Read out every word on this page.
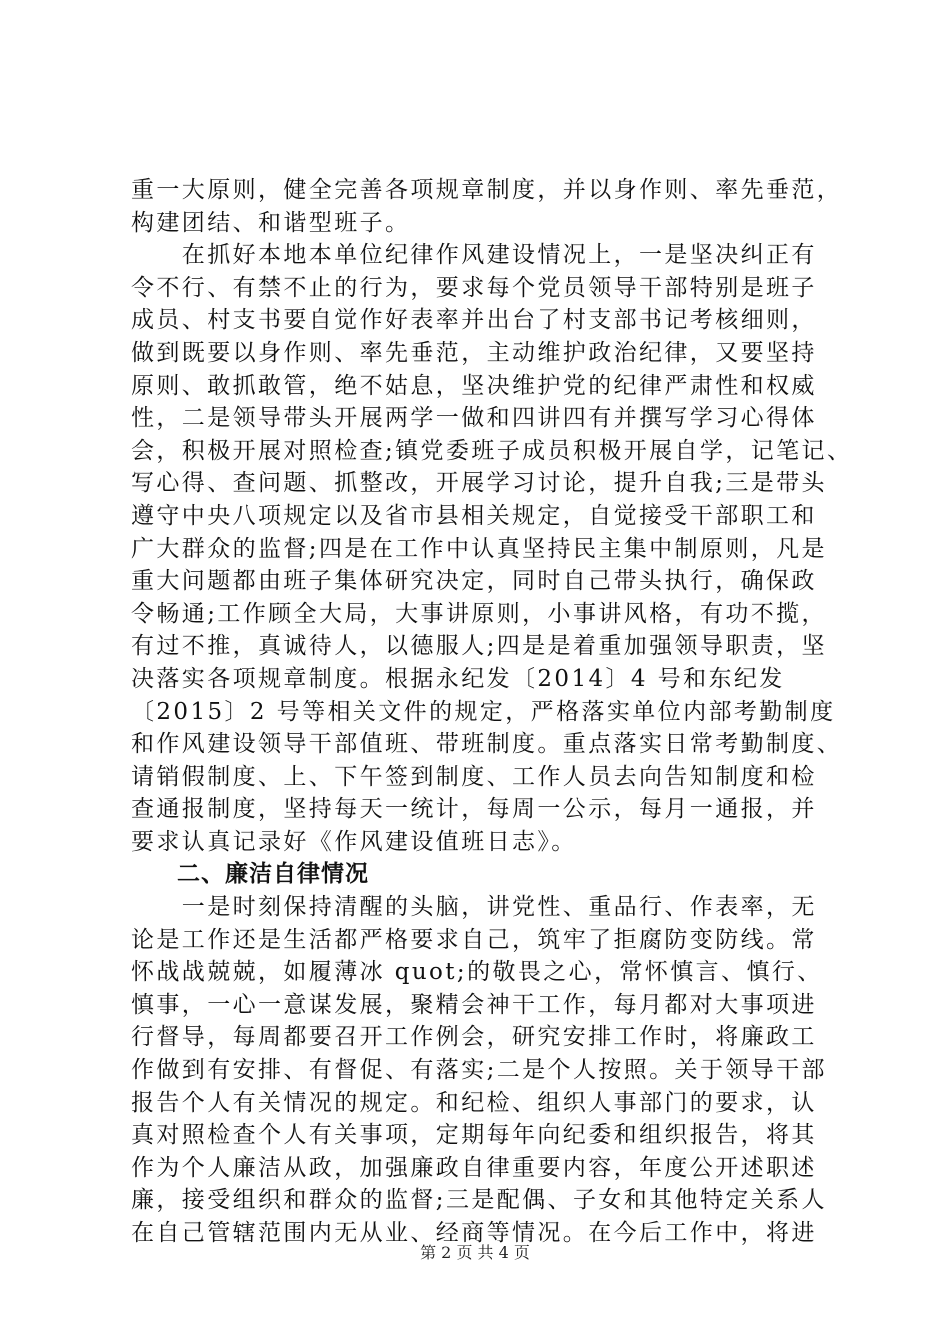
重一大原则，健全完善各项规章制度，并以身作则、率先垂范，
构建团结、和谐型班子。
　　在抓好本地本单位纪律作风建设情况上，一是坚决纠正有
令不行、有禁不止的行为，要求每个党员领导干部特别是班子
成员、村支书要自觉作好表率并出台了村支部书记考核细则，
做到既要以身作则、率先垂范，主动维护政治纪律，又要坚持
原则、敢抓敢管，绝不姑息，坚决维护党的纪律严肃性和权威
性，二是领导带头开展两学一做和四讲四有并撰写学习心得体
会，积极开展对照检查;镇党委班子成员积极开展自学，记笔记、
写心得、查问题、抓整改，开展学习讨论，提升自我;三是带头
遵守中央八项规定以及省市县相关规定，自觉接受干部职工和
广大群众的监督;四是在工作中认真坚持民主集中制原则，凡是
重大问题都由班子集体研究决定，同时自己带头执行，确保政
令畅通;工作顾全大局，大事讲原则，小事讲风格，有功不揽，
有过不推，真诚待人，以德服人;四是是着重加强领导职责，坚
决落实各项规章制度。根据永纪发〔2014〕4 号和东纪发
〔2015〕2 号等相关文件的规定，严格落实单位内部考勤制度
和作风建设领导干部值班、带班制度。重点落实日常考勤制度、
请销假制度、上、下午签到制度、工作人员去向告知制度和检
查通报制度，坚持每天一统计，每周一公示，每月一通报，并
要求认真记录好《作风建设值班日志》。
二、廉洁自律情况
　　一是时刻保持清醒的头脑，讲党性、重品行、作表率，无
论是工作还是生活都严格要求自己，筑牢了拒腐防变防线。常
怀战战兢兢，如履薄冰 quot;的敬畏之心，常怀慎言、慎行、
慎事，一心一意谋发展，聚精会神干工作，每月都对大事项进
行督导，每周都要召开工作例会，研究安排工作时，将廉政工
作做到有安排、有督促、有落实;二是个人按照。关于领导干部
报告个人有关情况的规定。和纪检、组织人事部门的要求，认
真对照检查个人有关事项，定期每年向纪委和组织报告，将其
作为个人廉洁从政，加强廉政自律重要内容，年度公开述职述
廉，接受组织和群众的监督;三是配偶、子女和其他特定关系人
在自己管辖范围内无从业、经商等情况。在今后工作中，将进
第 2 页 共 4 页
